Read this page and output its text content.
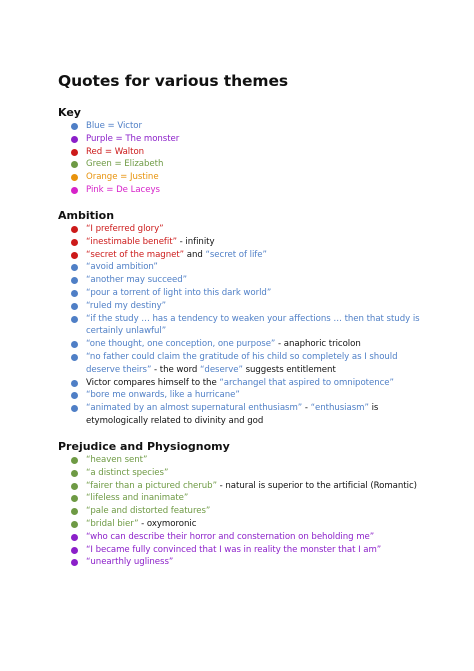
Quotes for various themes
Key
Blue = Victor
Purple = The monster
Red = Walton
Green = Elizabeth
Orange = Justine
Pink = De Laceys
Ambition
“I preferred glory”
“inestimable benefit” - infinity
“secret of the magnet” and “secret of life”
“avoid ambition”
“another may succeed”
“pour a torrent of light into this dark world”
“ruled my destiny”
“if the study … has a tendency to weaken your affections … then that study is certainly unlawful”
“one thought, one conception, one purpose” - anaphoric tricolon
“no father could claim the gratitude of his child so completely as I should deserve theirs” - the word “deserve” suggests entitlement
Victor compares himself to the “archangel that aspired to omnipotence”
“bore me onwards, like a hurricane”
“animated by an almost supernatural enthusiasm” - “enthusiasm” is etymologically related to divinity and god
Prejudice and Physiognomy
“heaven sent”
“a distinct species”
“fairer than a pictured cherub” - natural is superior to the artificial (Romantic)
“lifeless and inanimate”
“pale and distorted features”
“bridal bier” - oxymoronic
“who can describe their horror and consternation on beholding me”
“I became fully convinced that I was in reality the monster that I am”
“unearthly ugliness”
